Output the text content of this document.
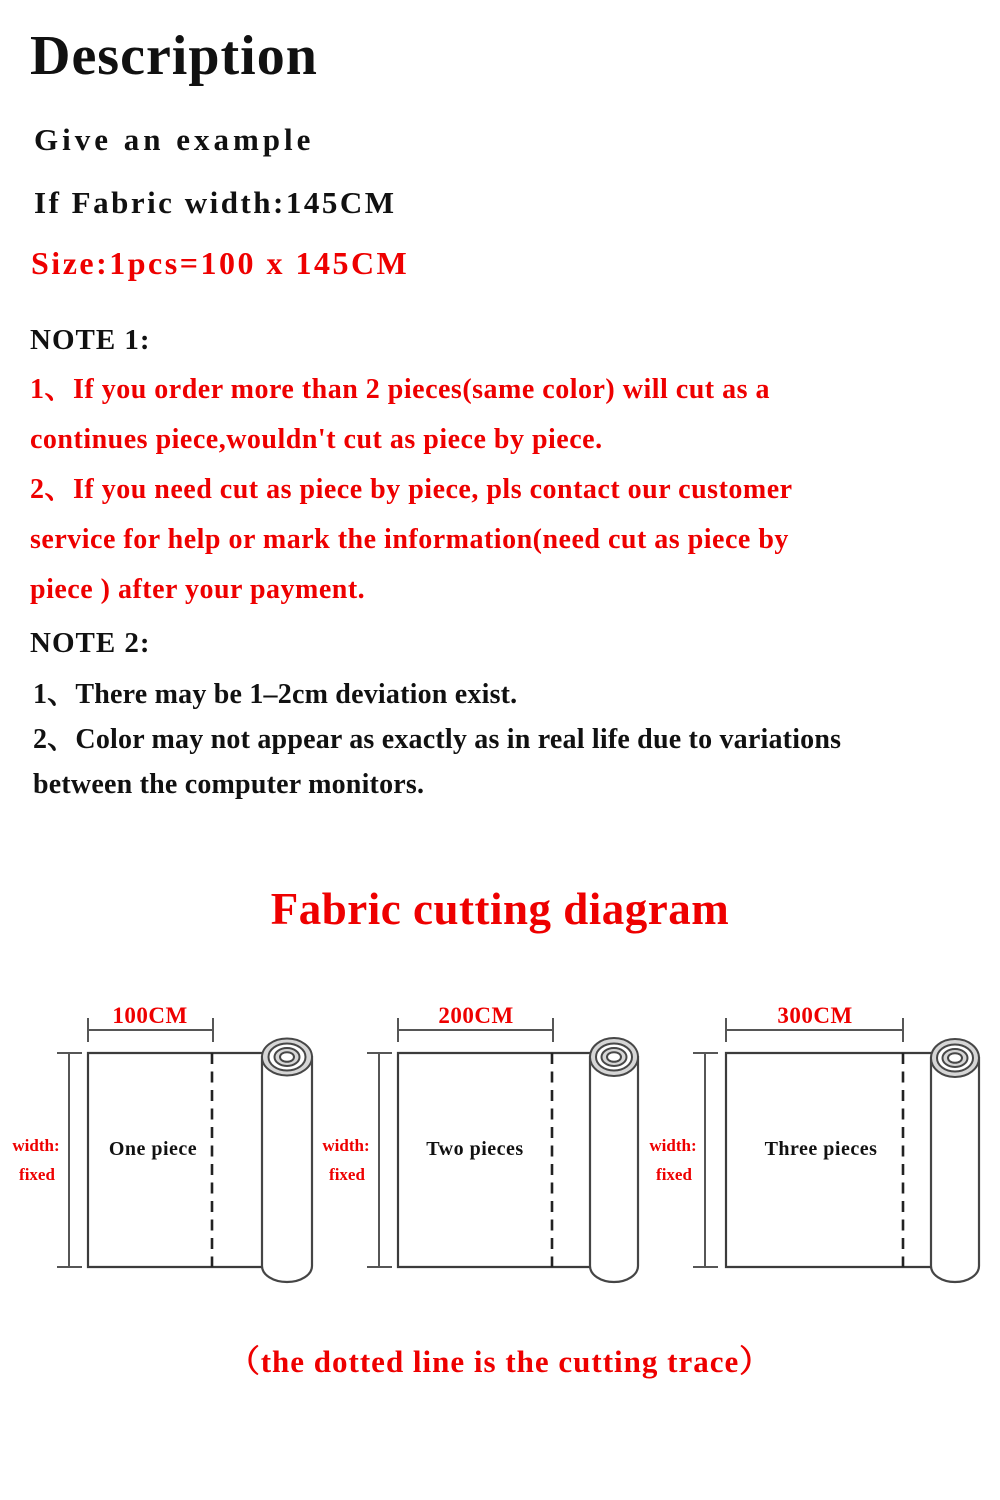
Description
Give an example
If Fabric width:145CM
Size:1pcs=100 x 145CM
NOTE 1:
1、If you order more than 2 pieces(same color) will cut as a
continues piece,wouldn't cut as piece by piece.
2、If you need cut as piece by piece, pls contact our customer
service for help or mark the information(need cut as piece by
piece ) after your payment.
NOTE 2:
1、There may be 1–2cm deviation exist.
2、Color may not appear as exactly as in real life due to variations
between the computer monitors.
Fabric cutting diagram
100CM
width:
fixed
One piece
200CM
width:
fixed
Two pieces
300CM
width:
fixed
Three pieces
（the dotted line is the cutting trace）
